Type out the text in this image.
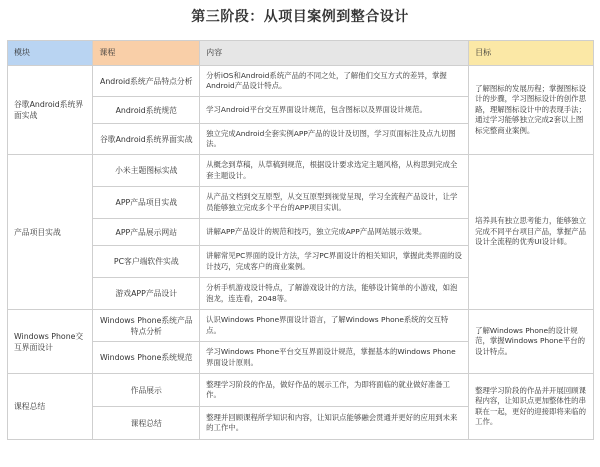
第三阶段：从项目案例到整合设计
模块	课程	内容	目标
谷歌Android系统界面实战	Android系统产品特点分析	分析iOS和Android系统产品的不同之处，了解他们交互方式的差异，掌握Android产品设计特点。	了解图标的发展历程；掌握图标设计的步骤，学习图标设计的创作思路，理解图标设计中的表现手法；通过学习能够独立完成2套以上图标完整商业案例。
	Android系统规范	学习Android平台交互界面设计规范，包含图标以及界面设计规范。	
	谷歌Android系统界面实战	独立完成Android全套实例APP产品的设计及切图，学习页面标注及点九切图法。	
产品项目实战	小米主题图标实战	从概念到草稿，从草稿到规范，根据设计要求选定主题风格，从构思到完成全套主题设计。	培养具有独立思考能力，能够独立完成不同平台项目产品，掌握产品设计全流程的优秀UI设计师。
	APP产品项目实战	从产品文档到交互原型，从交互原型到视觉呈现，学习全流程产品设计，让学员能够独立完成多个平台的APP项目实训。	
	APP产品展示网站	讲解APP产品设计的规范和技巧，独立完成APP产品网站展示效果。	
	PC客户端软件实战	讲解常见PC界面的设计方法，学习PC界面设计的相关知识，掌握此类界面的设计技巧，完成客户的商业案例。	
	游戏APP产品设计	分析手机游戏设计特点，了解游戏设计的方法，能够设计简单的小游戏，如泡泡龙，连连看，2048等。	
Windows Phone交互界面设计	Windows Phone系统产品特点分析	认识Windows Phone界面设计语言，了解Windows Phone系统的交互特点。	了解Windows Phone的设计规范，掌握Windows Phone平台的设计特点。
	Windows Phone系统规范	学习Windows Phone平台交互界面设计规范，掌握基本的Windows Phone界面设计原则。	
课程总结	作品展示	整理学习阶段的作品，做好作品的展示工作，为即将面临的就业做好准备工作。	整理学习阶段的作品并开展回顾课程内容，让知识点更加整体性的串联在一起，更好的迎接即将来临的工作。
	课程总结	整理并回顾课程所学知识和内容，让知识点能够融会贯通并更好的应用到未来的工作中。	
